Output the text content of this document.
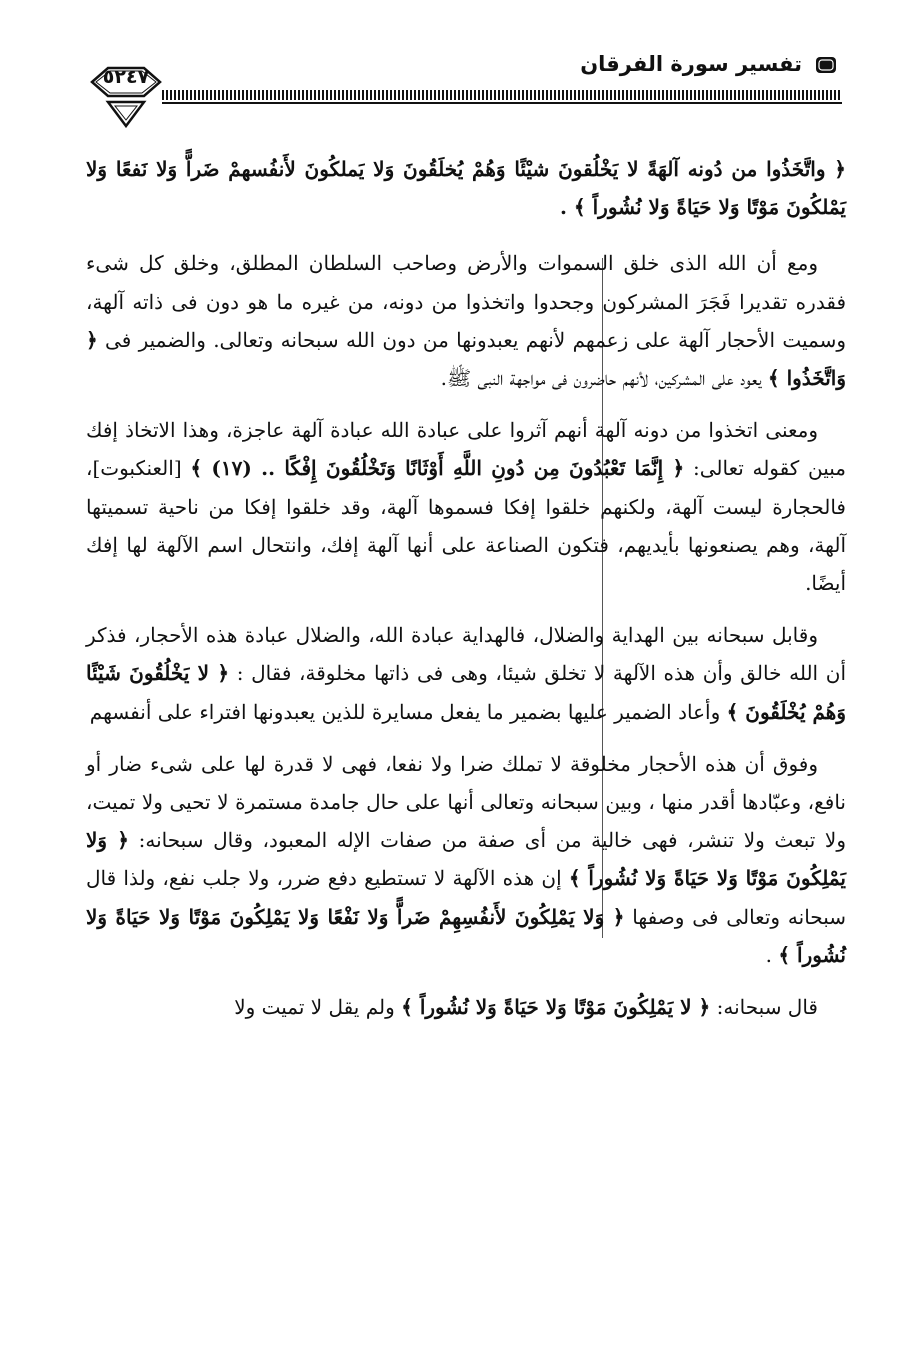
تفسير سورة الفرقان
٥٢٤٧

﴿ واتَّخَذُوا من دُونه آلهَةً لا يَخْلُقونَ شيْئًا وَهُمْ يُخلَقُونَ وَلا يَملكُونَ لأَنفُسهمْ ضَراًّ وَلا نَفعًا وَلا يَمْلكُونَ مَوْتًا وَلا حَيَاةً وَلا نُشُوراً ﴾ .

ومع أن الله الذى خلق السموات والأرض وصاحب السلطان المطلق، وخلق كل شىء فقدره تقديرا فَجَرَ المشركون وجحدوا واتخذوا من دونه، من غيره ما هو دون فى ذاته آلهة، وسميت الأحجار آلهة على زعمهم لأنهم يعبدونها من دون الله سبحانه وتعالى. والضمير فى ﴿ وَاتَّخَذُوا ﴾ يعود على المشركين، لأنهم حاضرون فى مواجهة النبى ﷺ.

ومعنى اتخذوا من دونه آلهة أنهم آثروا على عبادة الله عبادة آلهة عاجزة، وهذا الاتخاذ إفك مبين كقوله تعالى: ﴿ إِنَّمَا تَعْبُدُونَ مِن دُونِ اللَّهِ أَوْثَانًا وَتَخْلُقُونَ إِفْكًا .. (١٧) ﴾ [العنكبوت]، فالحجارة ليست آلهة، ولكنهم خلقوا إفكا فسموها آلهة، وقد خلقوا إفكا من ناحية تسميتها آلهة، وهم يصنعونها بأيديهم، فتكون الصناعة على أنها آلهة إفك، وانتحال اسم الآلهة لها إفك أيضًا.

وقابل سبحانه بين الهداية والضلال، فالهداية عبادة الله، والضلال عبادة هذه الأحجار، فذكر أن الله خالق وأن هذه الآلهة لا تخلق شيئا، وهى فى ذاتها مخلوقة، فقال : ﴿ لا يَخْلُقُونَ شَيْئًا وَهُمْ يُخْلَقُونَ ﴾ وأعاد الضمير عليها بضمير ما يفعل مسايرة للذين يعبدونها افتراء على أنفسهم

وفوق أن هذه الأحجار مخلوقة لا تملك ضرا ولا نفعا، فهى لا قدرة لها على شىء ضار أو نافع، وعبّادها أقدر منها ، وبين سبحانه وتعالى أنها على حال جامدة مستمرة لا تحيى ولا تميت، ولا تبعث ولا تنشر، فهى خالية من أى صفة من صفات الإله المعبود، وقال سبحانه: ﴿ وَلا يَمْلِكُونَ مَوْتًا وَلا حَيَاةً وَلا نُشُوراً ﴾ إن هذه الآلهة لا تستطيع دفع ضرر، ولا جلب نفع، ولذا قال سبحانه وتعالى فى وصفها ﴿ وَلا يَمْلِكُونَ لأَنفُسِهِمْ ضَراًّ وَلا نَفْعًا وَلا يَمْلِكُونَ مَوْتًا وَلا حَيَاةً وَلا نُشُوراً ﴾ .

قال سبحانه: ﴿ لا يَمْلِكُونَ مَوْتًا وَلا حَيَاةً وَلا نُشُوراً ﴾ ولم يقل لا تميت ولا
